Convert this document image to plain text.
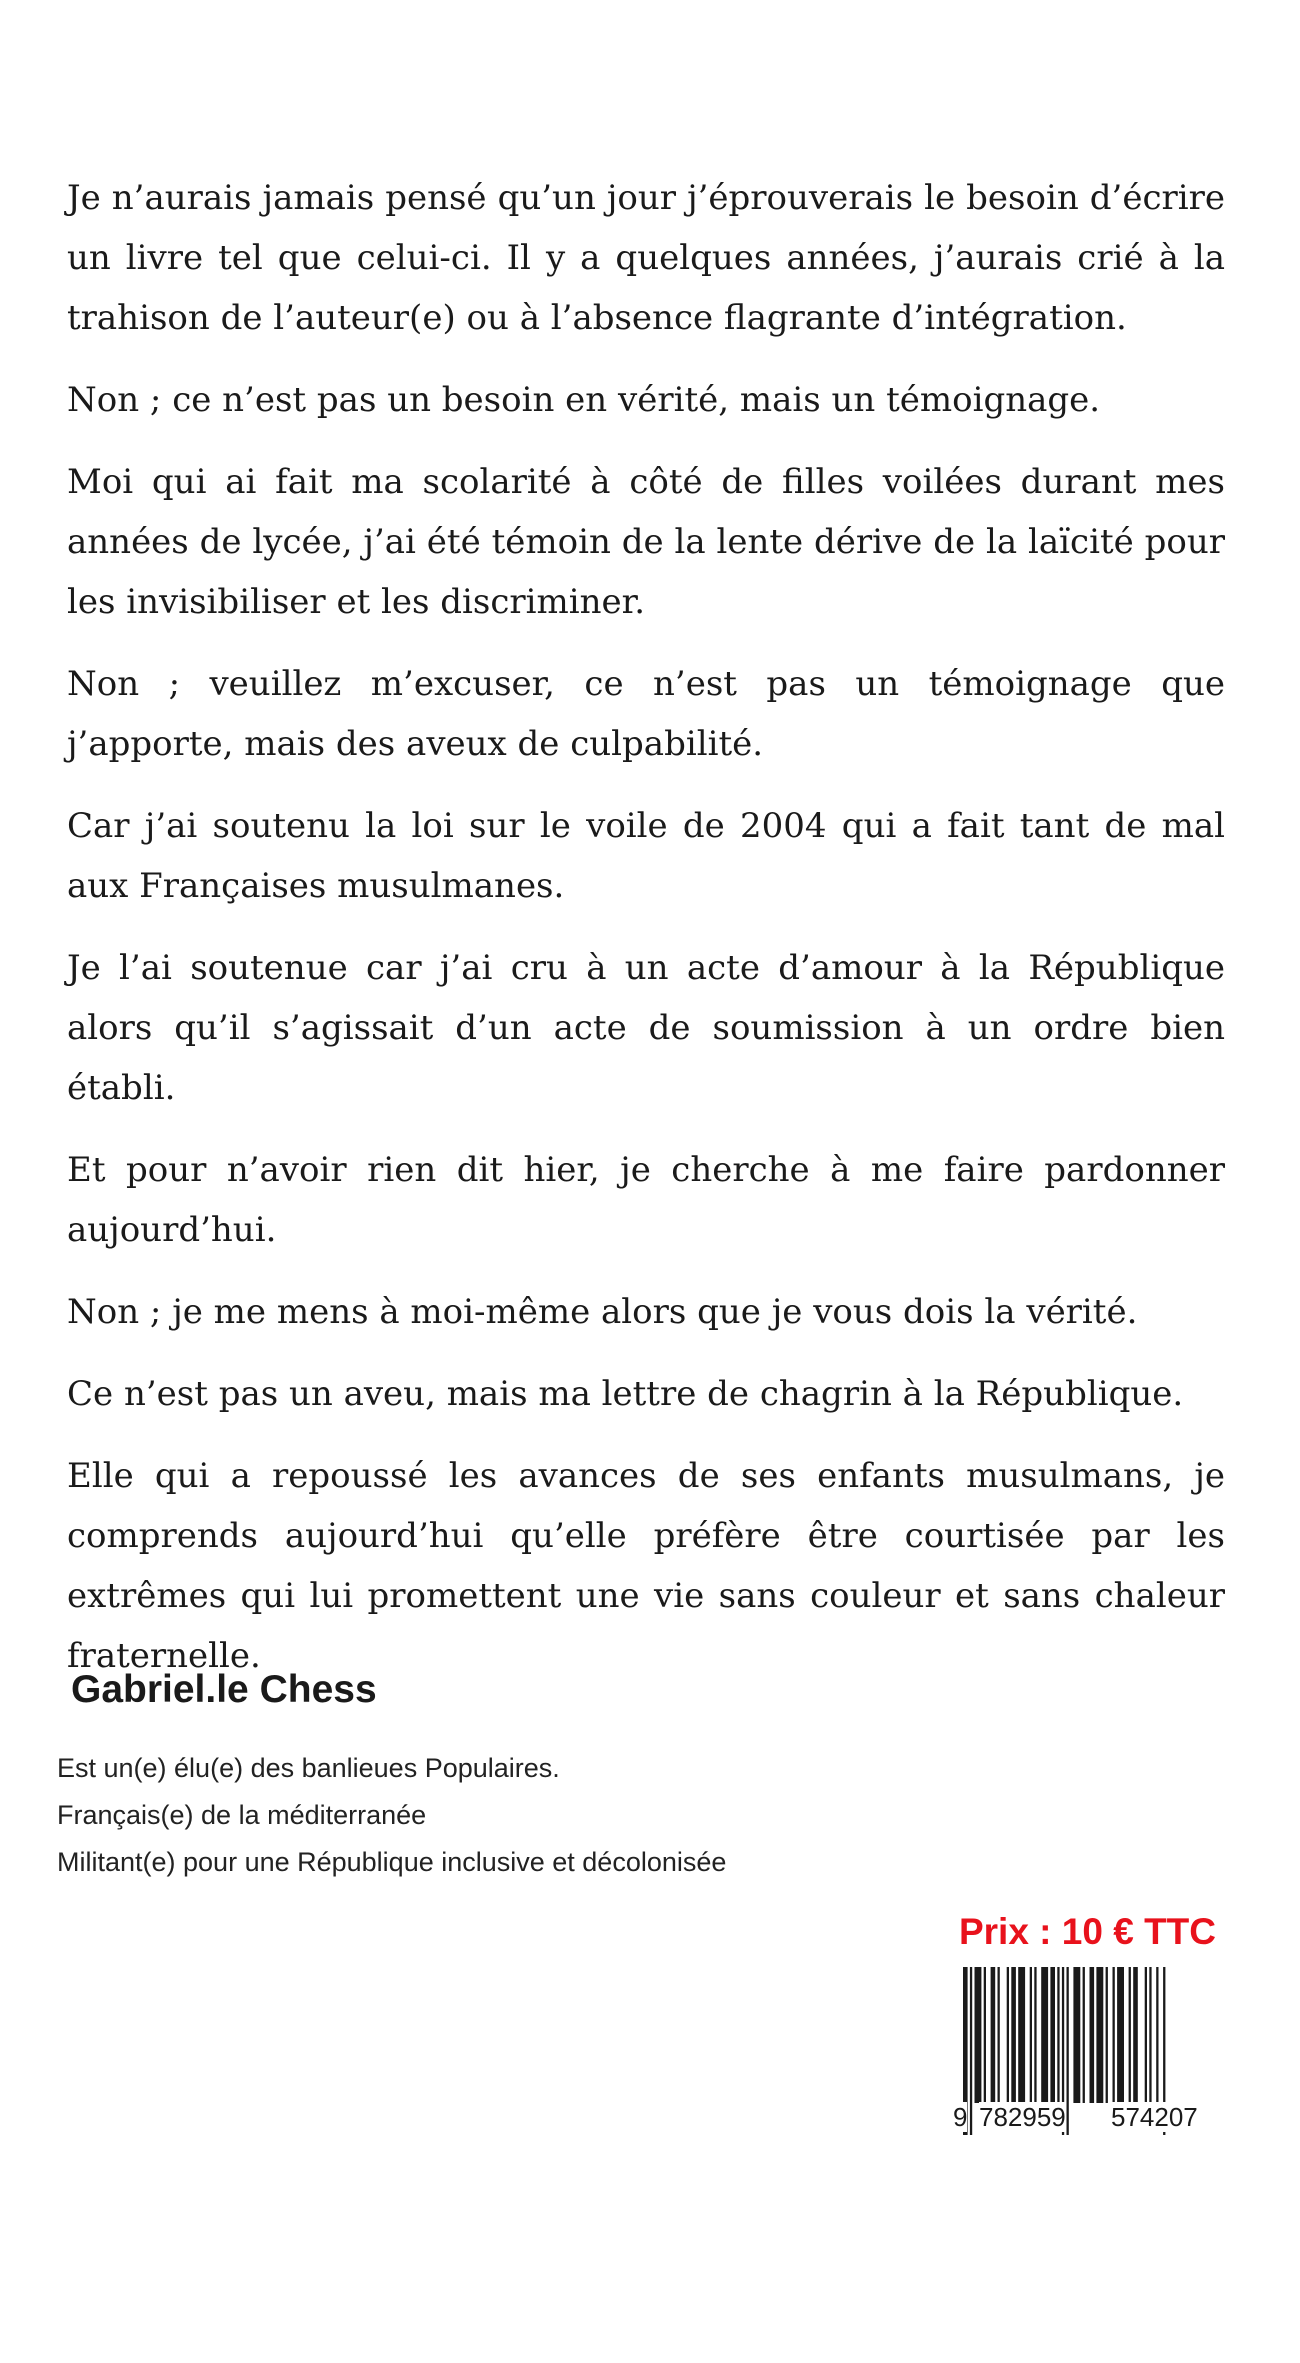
Je n’aurais jamais pensé qu’un jour j’éprouverais le besoin d’écrire un livre tel que celui-ci. Il y a quelques années, j’aurais crié à la trahison de l’auteur(e) ou à l’absence flagrante d’intégration.

Non ; ce n’est pas un besoin en vérité, mais un témoignage.

Moi qui ai fait ma scolarité à côté de filles voilées durant mes années de lycée, j’ai été témoin de la lente dérive de la laïcité pour les invisibiliser et les discriminer.

Non ; veuillez m’excuser, ce n’est pas un témoignage que j’apporte, mais des aveux de culpabilité.

Car j’ai soutenu la loi sur le voile de 2004 qui a fait tant de mal aux Françaises musulmanes.

Je l’ai soutenue car j’ai cru à un acte d’amour à la République alors qu’il s’agissait d’un acte de soumission à un ordre bien établi.

Et pour n’avoir rien dit hier, je cherche à me faire pardonner aujourd’hui.

Non ; je me mens à moi-même alors que je vous dois la vérité.

Ce n’est pas un aveu, mais ma lettre de chagrin à la République.

Elle qui a repoussé les avances de ses enfants musulmans, je comprends aujourd’hui qu’elle préfère être courtisée par les extrêmes qui lui promettent une vie sans couleur et sans chaleur fraternelle.

Gabriel.le Chess
Est un(e) élu(e) des banlieues Populaires.
Français(e) de la méditerranée
Militant(e) pour une République inclusive et décolonisée
Prix : 10 € TTC
9 782959 574207
